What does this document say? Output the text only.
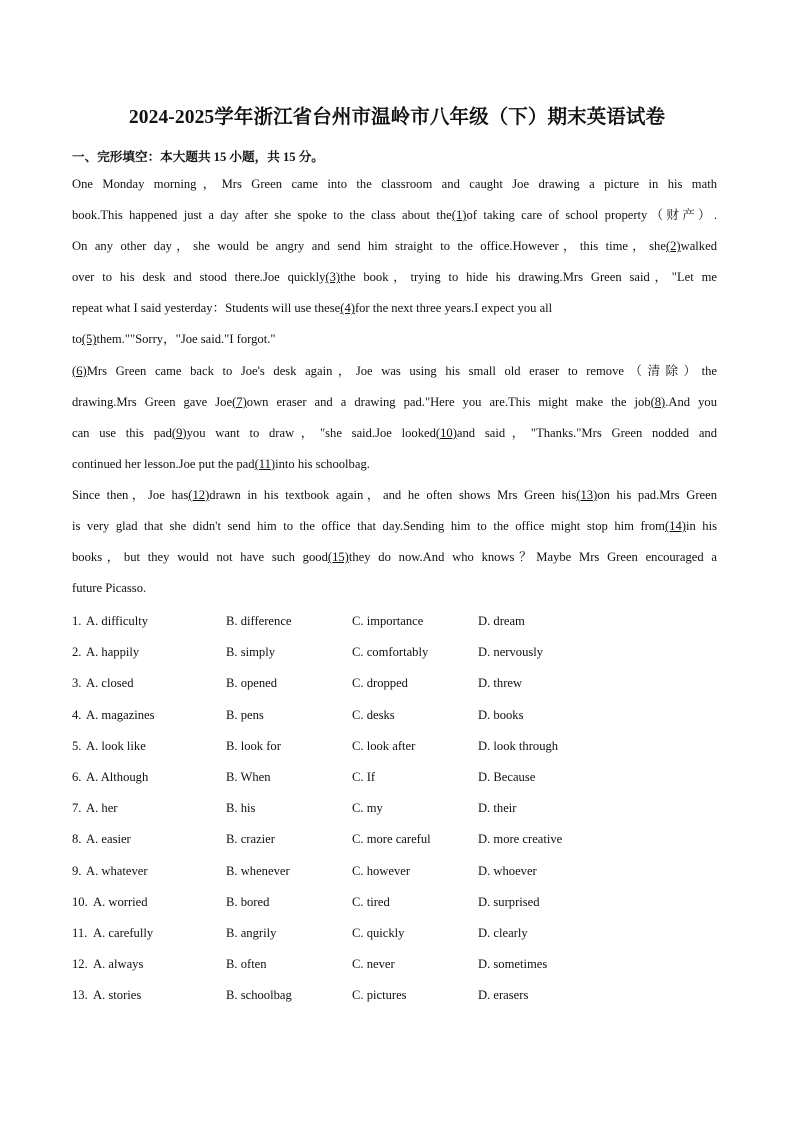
2024-2025学年浙江省台州市温岭市八年级（下）期末英语试卷
一、完形填空：本大题共 15 小题，共 15 分。
One Monday morning，Mrs Green came into the classroom and caught Joe drawing a picture in his math
book.This happened just a day after she spoke to the class about the(1)of taking care of school property（财产）.
On any other day，she would be angry and send him straight to the office.However，this time，she(2)walked
over to his desk and stood there.Joe quickly(3)the book，trying to hide his drawing.Mrs Green said，"Let me
repeat what I said yesterday：Students will use these(4)for the next three years.I expect you all
to(5)them.""Sorry，"Joe said."I forgot."
(6)Mrs Green came back to Joe's desk again，Joe was using his small old eraser to remove（清除）the
drawing.Mrs Green gave Joe(7)own eraser and a drawing pad."Here you are.This might make the job(8).And you
can use this pad(9)you want to draw，"she said.Joe looked(10)and said，"Thanks."Mrs Green nodded and
continued her lesson.Joe put the pad(11)into his schoolbag.
Since then，Joe has(12)drawn in his textbook again，and he often shows Mrs Green his(13)on his pad.Mrs Green
is very glad that she didn't send him to the office that day.Sending him to the office might stop him from(14)in his
books，but they would not have such good(15)they do now.And who knows？Maybe Mrs Green encouraged a
future Picasso.
1. A. difficulty	B. difference	C. importance	D. dream
2. A. happily	B. simply	C. comfortably	D. nervously
3. A. closed	B. opened	C. dropped	D. threw
4. A. magazines	B. pens	C. desks	D. books
5. A. look like	B. look for	C. look after	D. look through
6. A. Although	B. When	C. If	D. Because
7. A. her	B. his	C. my	D. their
8. A. easier	B. crazier	C. more careful	D. more creative
9. A. whatever	B. whenever	C. however	D. whoever
10. A. worried	B. bored	C. tired	D. surprised
11. A. carefully	B. angrily	C. quickly	D. clearly
12. A. always	B. often	C. never	D. sometimes
13. A. stories	B. schoolbag	C. pictures	D. erasers
